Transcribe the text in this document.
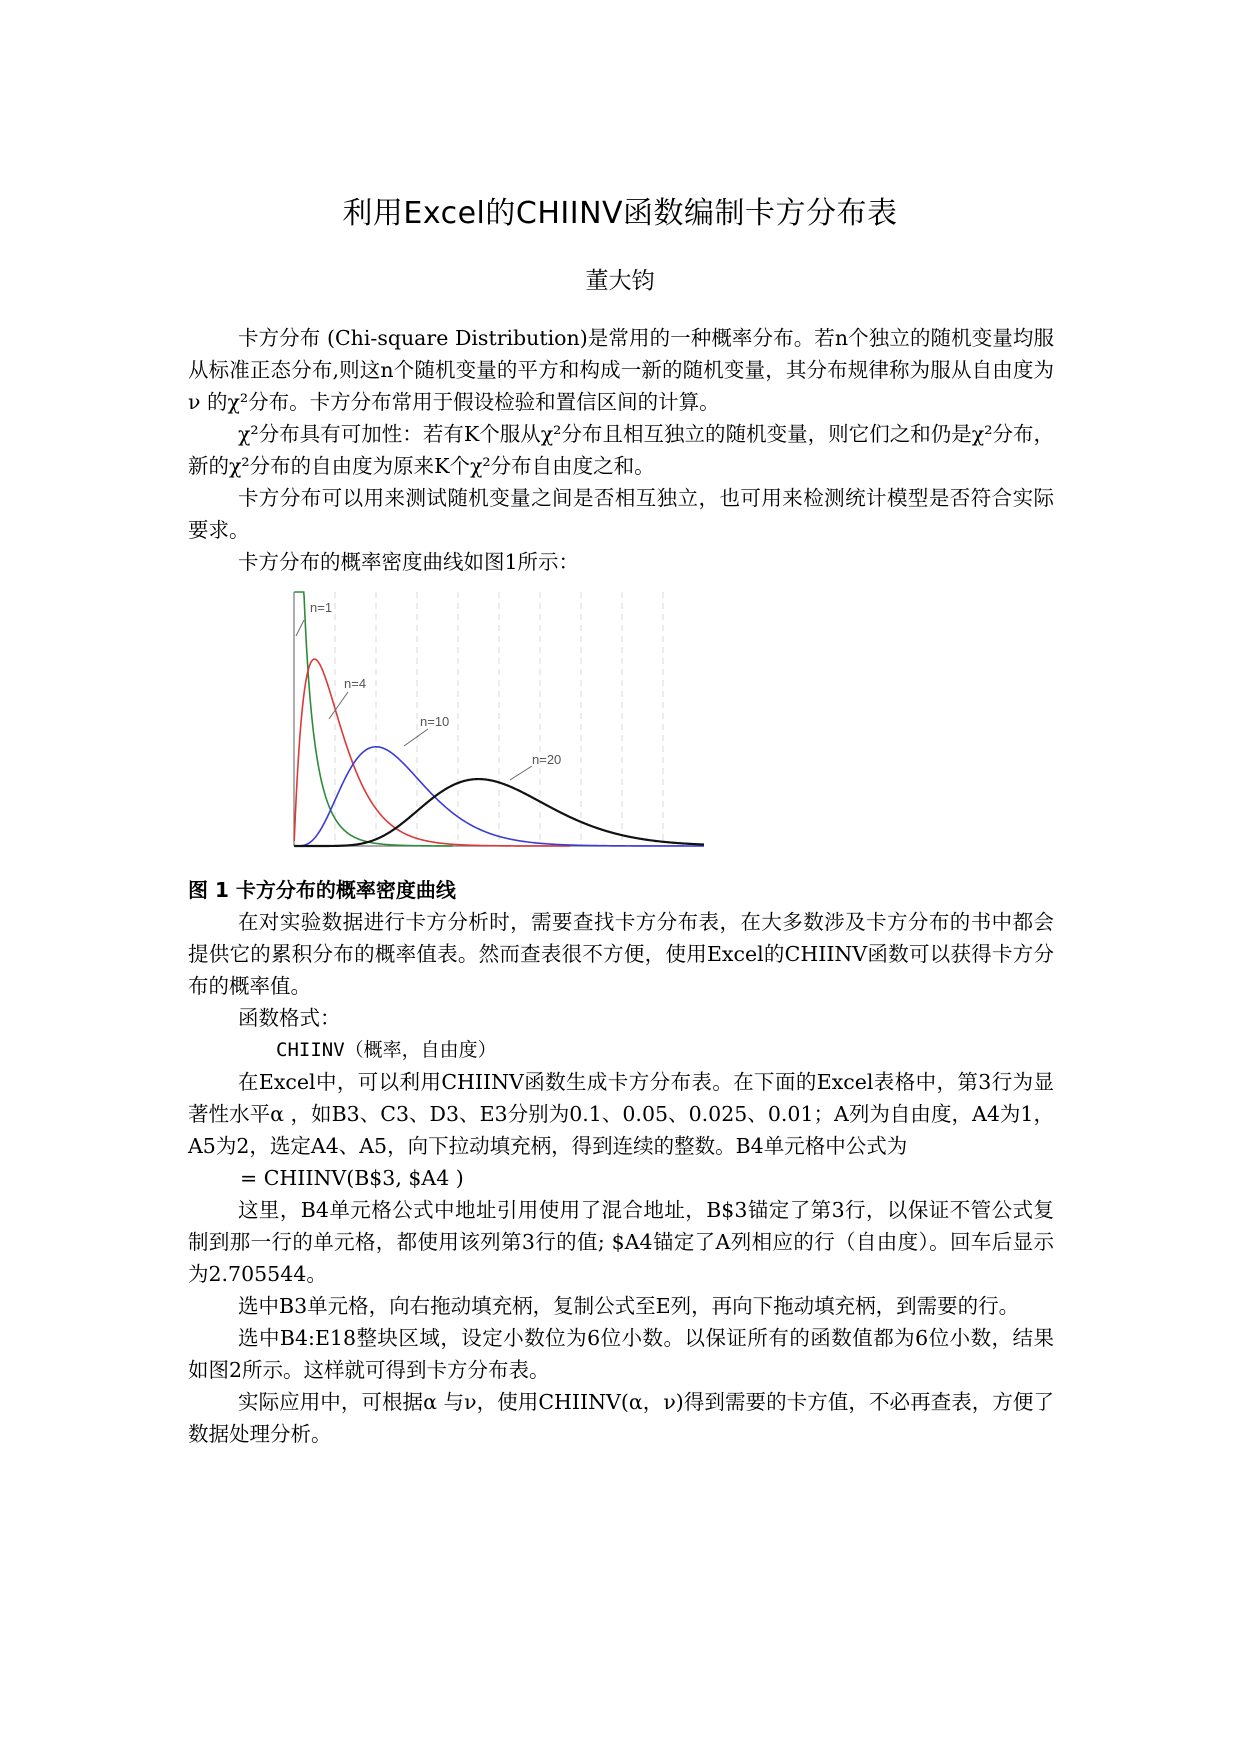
利用Excel的CHIINV函数编制卡方分布表
董大钧

卡方分布 (Chi-square Distribution)是常用的一种概率分布。若n个独立的随机变量均服从标准正态分布,则这n个随机变量的平方和构成一新的随机变量，其分布规律称为服从自由度为ν 的χ²分布。卡方分布常用于假设检验和置信区间的计算。

χ²分布具有可加性：若有K个服从χ²分布且相互独立的随机变量，则它们之和仍是χ²分布，新的χ²分布的自由度为原来K个χ²分布自由度之和。

卡方分布可以用来测试随机变量之间是否相互独立，也可用来检测统计模型是否符合实际要求。

卡方分布的概率密度曲线如图1所示：

n=1
n=4
n=10
n=20

图 1 卡方分布的概率密度曲线

在对实验数据进行卡方分析时，需要查找卡方分布表，在大多数涉及卡方分布的书中都会提供它的累积分布的概率值表。然而查表很不方便，使用Excel的CHIINV函数可以获得卡方分布的概率值。

函数格式：

CHIINV（概率，自由度）

在Excel中，可以利用CHIINV函数生成卡方分布表。在下面的Excel表格中，第3行为显著性水平α ，如B3、C3、D3、E3分别为0.1、0.05、0.025、0.01；A列为自由度，A4为1，A5为2，选定A4、A5，向下拉动填充柄，得到连续的整数。B4单元格中公式为

= CHIINV(B$3, $A4 )

这里，B4单元格公式中地址引用使用了混合地址，B$3锚定了第3行，以保证不管公式复制到那一行的单元格，都使用该列第3行的值; $A4锚定了A列相应的行（自由度）。回车后显示为2.705544。

选中B3单元格，向右拖动填充柄，复制公式至E列，再向下拖动填充柄，到需要的行。

选中B4:E18整块区域，设定小数位为6位小数。以保证所有的函数值都为6位小数，结果如图2所示。这样就可得到卡方分布表。

实际应用中，可根据α 与ν，使用CHIINV(α，ν)得到需要的卡方值，不必再查表，方便了数据处理分析。
